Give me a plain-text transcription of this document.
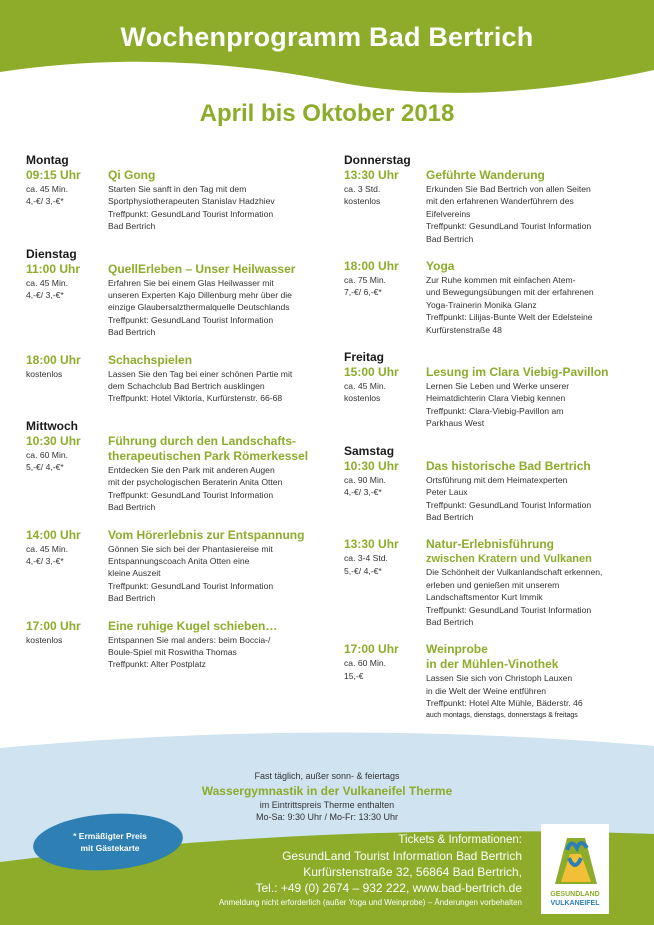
Wochenprogramm Bad Bertrich
April bis Oktober 2018
Montag
09:15 Uhr
ca. 45 Min.
4,-€/ 3,-€*
Qi Gong
Starten Sie sanft in den Tag mit dem
Sportphysiotherapeuten Stanislav Hadzhiev
Treffpunkt: GesundLand Tourist Information
Bad Bertrich
Dienstag
11:00 Uhr
ca. 45 Min.
4,-€/ 3,-€*
QuellErleben – Unser Heilwasser
Erfahren Sie bei einem Glas Heilwasser mit
unseren Experten Kajo Dillenburg mehr über die
einzige Glaubersalzthermalquelle Deutschlands
Treffpunkt: GesundLand Tourist Information
Bad Bertrich
18:00 Uhr
kostenlos
Schachspielen
Lassen Sie den Tag bei einer schönen Partie mit
dem Schachclub Bad Bertrich ausklingen
Treffpunkt: Hotel Viktoria, Kurfürstenstr. 66-68
Mittwoch
10:30 Uhr
ca. 60 Min.
5,-€/ 4,-€*
Führung durch den Landschafts-
therapeutischen Park Römerkessel
Entdecken Sie den Park mit anderen Augen
mit der psychologischen Beraterin Anita Otten
Treffpunkt: GesundLand Tourist Information
Bad Bertrich
14:00 Uhr
ca. 45 Min.
4,-€/ 3,-€*
Vom Hörerlebnis zur Entspannung
Gönnen Sie sich bei der Phantasiereise mit
Entspannungscoach Anita Otten eine
kleine Auszeit
Treffpunkt: GesundLand Tourist Information
Bad Bertrich
17:00 Uhr
kostenlos
Eine ruhige Kugel schieben…
Entspannen Sie mal anders: beim Boccia-/
Boule-Spiel mit Roswitha Thomas
Treffpunkt: Alter Postplatz
Donnerstag
13:30 Uhr
ca. 3 Std.
kostenlos
Geführte Wanderung
Erkunden Sie Bad Bertrich von allen Seiten
mit den erfahrenen Wanderführern des
Eifelvereins
Treffpunkt: GesundLand Tourist Information
Bad Bertrich
18:00 Uhr
ca. 75 Min.
7,-€/ 6,-€*
Yoga
Zur Ruhe kommen mit einfachen Atem-
und Bewegungsübungen mit der erfahrenen
Yoga-Trainerin Monika Glanz
Treffpunkt: Lilijas-Bunte Welt der Edelsteine
Kurfürstenstraße 48
Freitag
15:00 Uhr
ca. 45 Min.
kostenlos
Lesung im Clara Viebig-Pavillon
Lernen Sie Leben und Werke unserer
Heimatdichterin Clara Viebig kennen
Treffpunkt: Clara-Viebig-Pavillon am
Parkhaus West
Samstag
10:30 Uhr
ca. 90 Min.
4,-€/ 3,-€*
Das historische Bad Bertrich
Ortsführung mit dem Heimatexperten
Peter Laux
Treffpunkt: GesundLand Tourist Information
Bad Bertrich
13:30 Uhr
ca. 3-4 Std.
5,-€/ 4,-€*
Natur-Erlebnisführung
zwischen Kratern und Vulkanen
Die Schönheit der Vulkanlandschaft erkennen,
erleben und genießen mit unserem
Landschaftsmentor Kurt Immik
Treffpunkt: GesundLand Tourist Information
Bad Bertrich
17:00 Uhr
ca. 60 Min.
15,-€
Weinprobe
in der Mühlen-Vinothek
Lassen Sie sich von Christoph Lauxen
in die Welt der Weine entführen
Treffpunkt: Hotel Alte Mühle, Bäderstr. 46
auch montags, dienstags, donnerstags & freitags
Fast täglich, außer sonn- & feiertags
Wassergymnastik in der Vulkaneifel Therme
im Eintrittspreis Therme enthalten
Mo-Sa: 9:30 Uhr / Mo-Fr: 13:30 Uhr
* Ermäßigter Preis
mit Gästekarte
Tickets & Informationen:
GesundLand Tourist Information Bad Bertrich
Kurfürstenstraße 32, 56864 Bad Bertrich,
Tel.: +49 (0) 2674 – 932 222, www.bad-bertrich.de
Anmeldung nicht erforderlich (außer Yoga und Weinprobe) – Änderungen vorbehalten
GESUNDLAND
VULKANEIFEL
